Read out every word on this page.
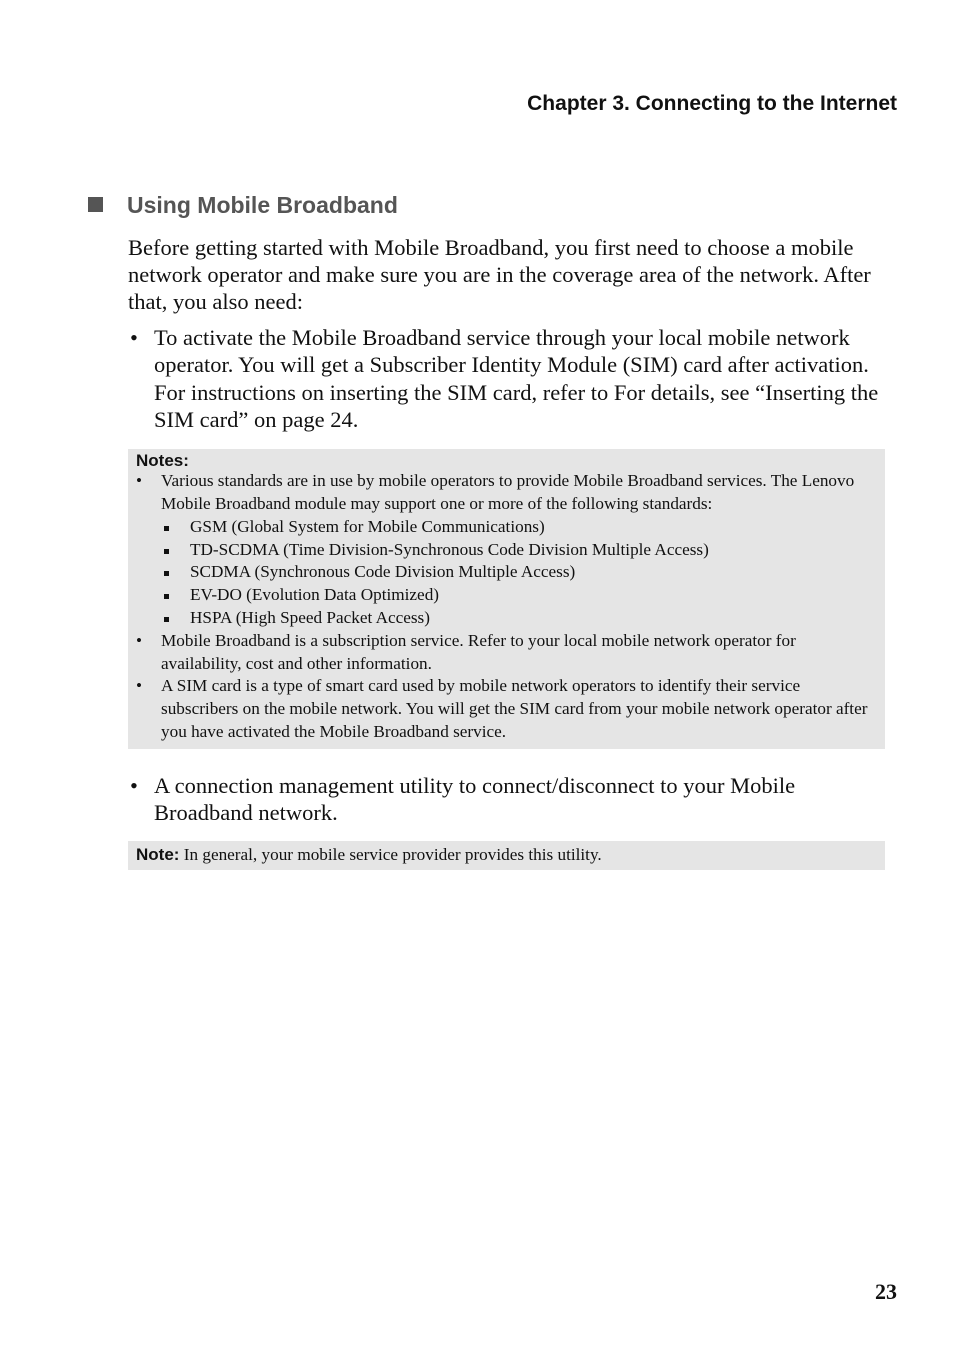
Chapter 3. Connecting to the Internet
Using Mobile Broadband

Before getting started with Mobile Broadband, you first need to choose a mobile network operator and make sure you are in the coverage area of the network. After that, you also need:

• To activate the Mobile Broadband service through your local mobile network operator. You will get a Subscriber Identity Module (SIM) card after activation. For instructions on inserting the SIM card, refer to For details, see “Inserting the SIM card” on page 24.
Notes:
• Various standards are in use by mobile operators to provide Mobile Broadband services. The Lenovo Mobile Broadband module may support one or more of the following standards:
GSM (Global System for Mobile Communications)
TD-SCDMA (Time Division-Synchronous Code Division Multiple Access)
SCDMA (Synchronous Code Division Multiple Access)
EV-DO (Evolution Data Optimized)
HSPA (High Speed Packet Access)
• Mobile Broadband is a subscription service. Refer to your local mobile network operator for availability, cost and other information.
• A SIM card is a type of smart card used by mobile network operators to identify their service subscribers on the mobile network. You will get the SIM card from your mobile network operator after you have activated the Mobile Broadband service.
• A connection management utility to connect/disconnect to your Mobile Broadband network.
Note: In general, your mobile service provider provides this utility.
23
